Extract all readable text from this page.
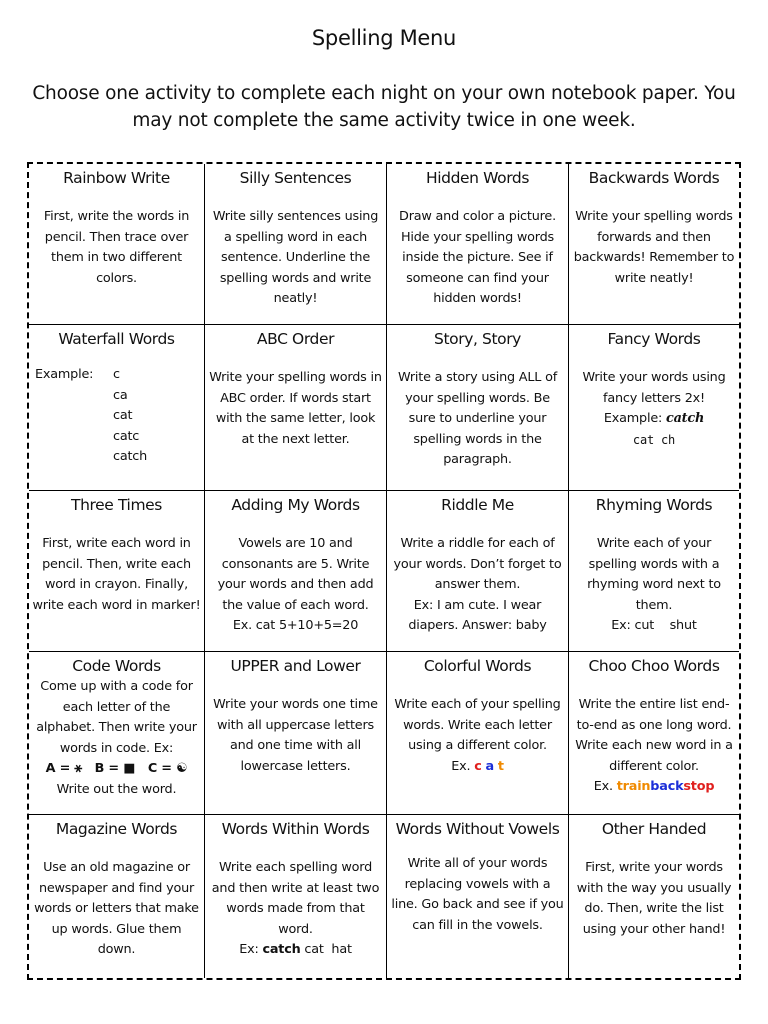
Spelling Menu
Choose one activity to complete each night on your own notebook paper. You may not complete the same activity twice in one week.
Rainbow Write
First, write the words in pencil. Then trace over them in two different colors.
Silly Sentences
Write silly sentences using a spelling word in each sentence. Underline the spelling words and write neatly!
Hidden Words
Draw and color a picture. Hide your spelling words inside the picture. See if someone can find your hidden words!
Backwards Words
Write your spelling words forwards and then backwards! Remember to write neatly!
Waterfall Words
Example:	c
ca
cat
catc
catch
ABC Order
Write your spelling words in ABC order. If words start with the same letter, look at the next letter.
Story, Story
Write a story using ALL of your spelling words. Be sure to underline your spelling words in the paragraph.
Fancy Words
Write your words using fancy letters 2x!
Example: catch
cat ch
Three Times
First, write each word in pencil. Then, write each word in crayon. Finally, write each word in marker!
Adding My Words
Vowels are 10 and consonants are 5. Write your words and then add the value of each word.
Ex. cat 5+10+5=20
Riddle Me
Write a riddle for each of your words. Don’t forget to answer them.
Ex: I am cute. I wear diapers. Answer: baby
Rhyming Words
Write each of your spelling words with a rhyming word next to them.
Ex: cut    shut
Code Words
Come up with a code for each letter of the alphabet. Then write your words in code. Ex:
A = ⚹   B = ■   C = ☯
Write out the word.
UPPER and Lower
Write your words one time with all uppercase letters and one time with all lowercase letters.
Colorful Words
Write each of your spelling words. Write each letter using a different color.
Ex. c a t
Choo Choo Words
Write the entire list end-to-end as one long word. Write each new word in a different color.
Ex. trainbackstop
Magazine Words
Use an old magazine or newspaper and find your words or letters that make up words. Glue them down.
Words Within Words
Write each spelling word and then write at least two words made from that word.
Ex: catch cat  hat
Words Without Vowels
Write all of your words replacing vowels with a line. Go back and see if you can fill in the vowels.
Other Handed
First, write your words with the way you usually do. Then, write the list using your other hand!
